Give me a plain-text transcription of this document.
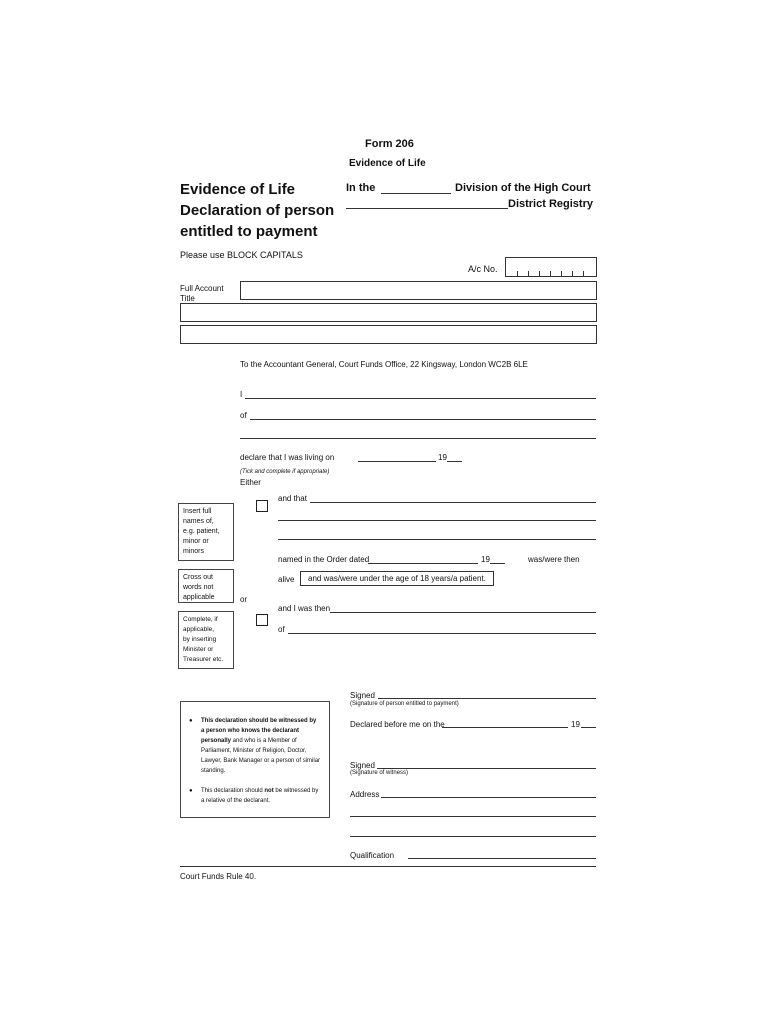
Form 206
Evidence of Life
Evidence of Life
Declaration of person
entitled to payment
In the	Division of the High Court
District Registry
Please use BLOCK CAPITALS
A/c No.
Full Account
Title
To the Accountant General, Court Funds Office, 22 Kingsway, London WC2B 6LE
I
of
declare that I was living on	19
(Tick and complete if appropriate)
Either
and that
named in the Order dated	19	was/were then
alive	and was/were under the age of 18 years/a patient.
or
and I was then
of
Insert full
names of,
e.g. patient,
minor or
minors
Cross out
words not
applicable
Complete, if
applicable,
by inserting
Minister or
Treasurer etc.
Signed
(Signature of person entitled to payment)
Declared before me on the	19
Signed
(Signature of witness)
Address
Qualification
● This declaration should be witnessed by a person who knows the declarant personally and who is a Member of Parliament, Minister of Religion, Doctor, Lawyer, Bank Manager or a person of similar standing.
● This declaration should not be witnessed by a relative of the declarant.
Court Funds Rule 40.
